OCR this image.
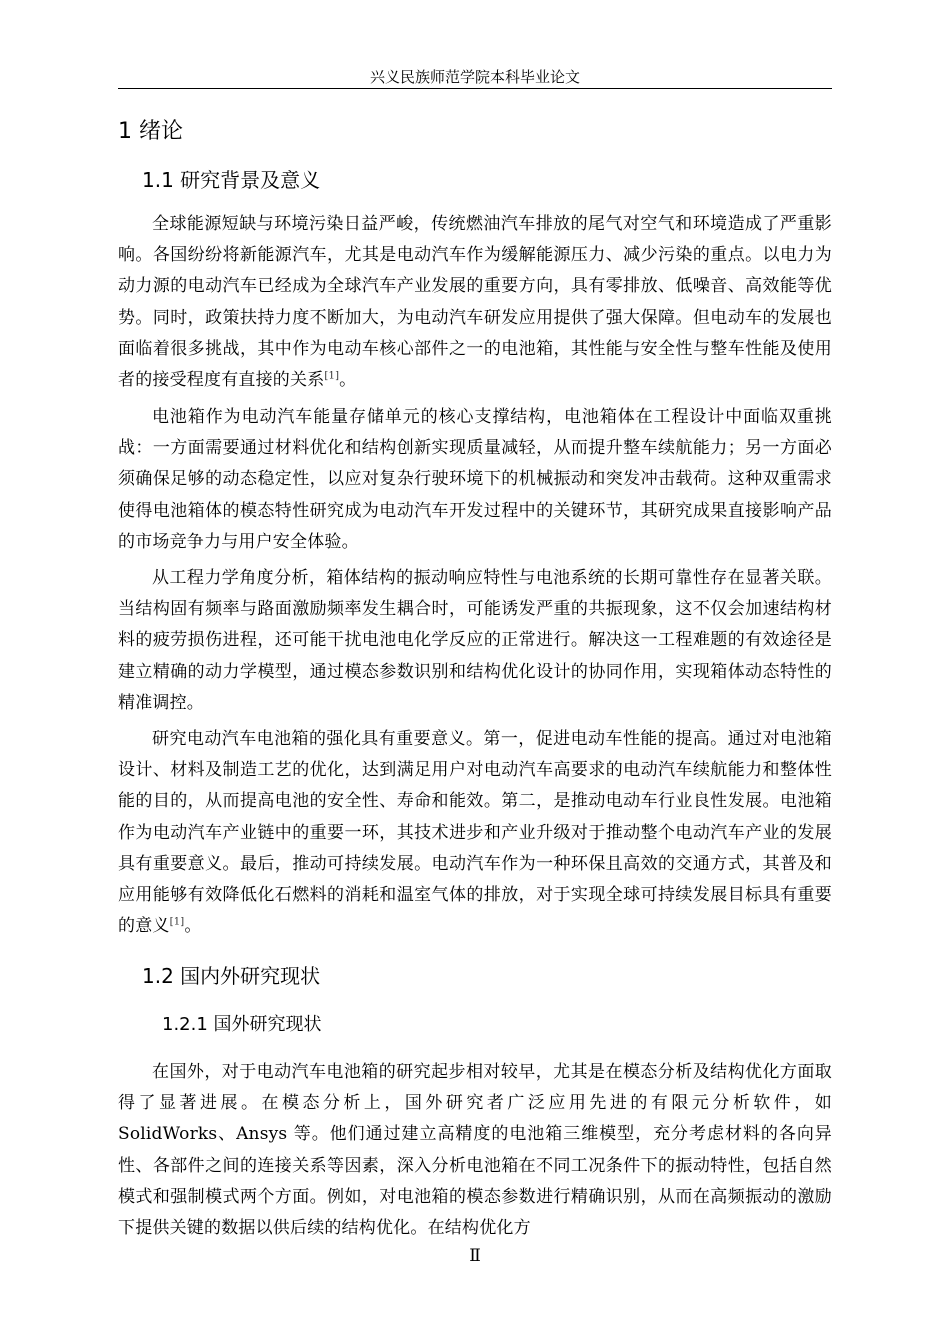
兴义民族师范学院本科毕业论文
1 绪论
1.1 研究背景及意义

全球能源短缺与环境污染日益严峻，传统燃油汽车排放的尾气对空气和环境造成了严重影响。各国纷纷将新能源汽车，尤其是电动汽车作为缓解能源压力、减少污染的重点。以电力为动力源的电动汽车已经成为全球汽车产业发展的重要方向，具有零排放、低噪音、高效能等优势。同时，政策扶持力度不断加大，为电动汽车研发应用提供了强大保障。但电动车的发展也面临着很多挑战，其中作为电动车核心部件之一的电池箱，其性能与安全性与整车性能及使用者的接受程度有直接的关系[1]。

电池箱作为电动汽车能量存储单元的核心支撑结构，电池箱体在工程设计中面临双重挑战：一方面需要通过材料优化和结构创新实现质量减轻，从而提升整车续航能力；另一方面必须确保足够的动态稳定性，以应对复杂行驶环境下的机械振动和突发冲击载荷。这种双重需求使得电池箱体的模态特性研究成为电动汽车开发过程中的关键环节，其研究成果直接影响产品的市场竞争力与用户安全体验。

从工程力学角度分析，箱体结构的振动响应特性与电池系统的长期可靠性存在显著关联。当结构固有频率与路面激励频率发生耦合时，可能诱发严重的共振现象，这不仅会加速结构材料的疲劳损伤进程，还可能干扰电池电化学反应的正常进行。解决这一工程难题的有效途径是建立精确的动力学模型，通过模态参数识别和结构优化设计的协同作用，实现箱体动态特性的精准调控。

研究电动汽车电池箱的强化具有重要意义。第一，促进电动车性能的提高。通过对电池箱设计、材料及制造工艺的优化，达到满足用户对电动汽车高要求的电动汽车续航能力和整体性能的目的，从而提高电池的安全性、寿命和能效。第二，是推动电动车行业良性发展。电池箱作为电动汽车产业链中的重要一环，其技术进步和产业升级对于推动整个电动汽车产业的发展具有重要意义。最后，推动可持续发展。电动汽车作为一种环保且高效的交通方式，其普及和应用能够有效降低化石燃料的消耗和温室气体的排放，对于实现全球可持续发展目标具有重要的意义[1]。

1.2 国内外研究现状
1.2.1 国外研究现状

在国外，对于电动汽车电池箱的研究起步相对较早，尤其是在模态分析及结构优化方面取得了显著进展。在模态分析上，国外研究者广泛应用先进的有限元分析软件，如 SolidWorks、Ansys 等。他们通过建立高精度的电池箱三维模型，充分考虑材料的各向异性、各部件之间的连接关系等因素，深入分析电池箱在不同工况条件下的振动特性，包括自然模式和强制模式两个方面。例如，对电池箱的模态参数进行精确识别，从而在高频振动的激励下提供关键的数据以供后续的结构优化。在结构优化方

Ⅱ
